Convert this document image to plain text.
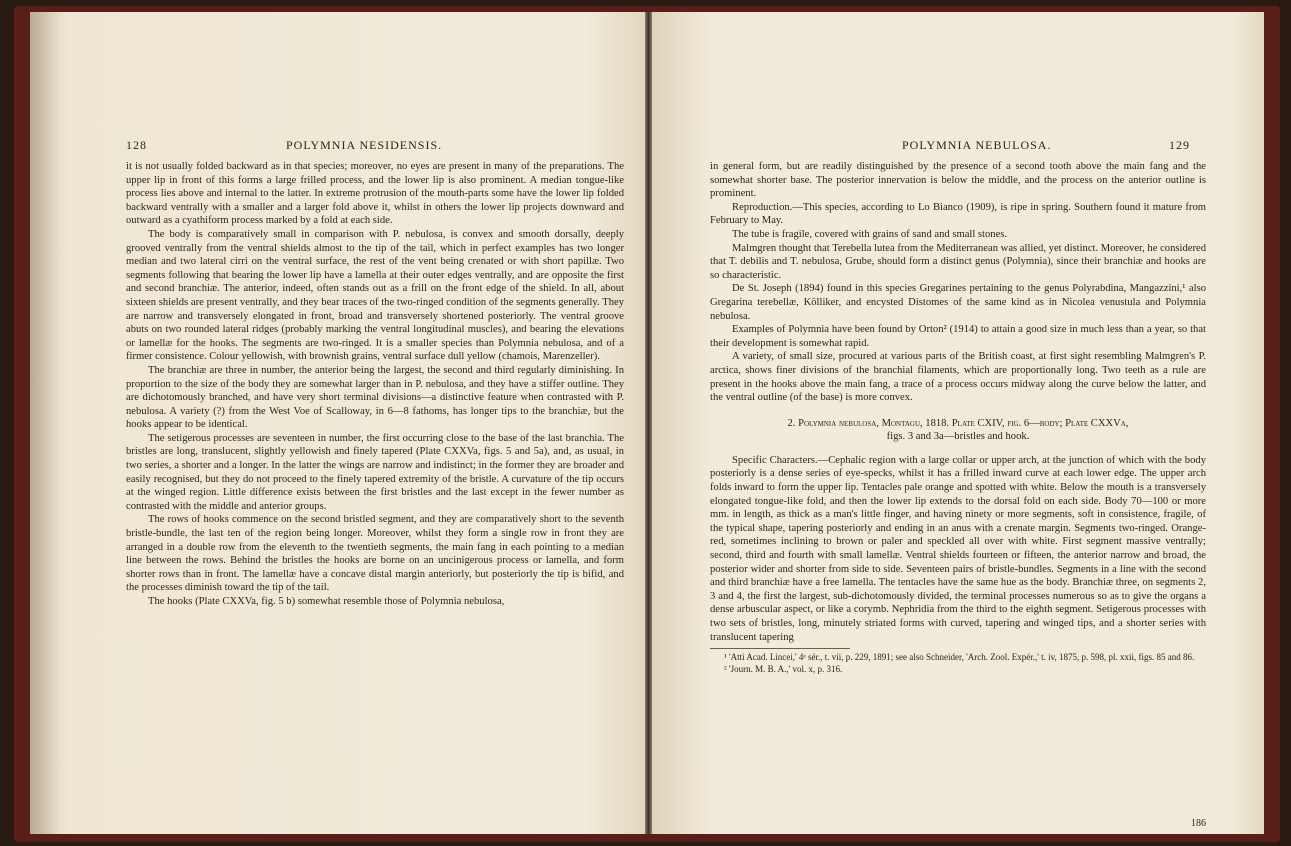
128	POLYMNIA NESIDENSIS.

it is not usually folded backward as in that species; moreover, no eyes are present in many of the preparations. The upper lip in front of this forms a large frilled process, and the lower lip is also prominent. A median tongue-like process lies above and internal to the latter. In extreme protrusion of the mouth-parts some have the lower lip folded backward ventrally with a smaller and a larger fold above it, whilst in others the lower lip projects downward and outward as a cyathiform process marked by a fold at each side.

The body is comparatively small in comparison with P. nebulosa, is convex and smooth dorsally, deeply grooved ventrally from the ventral shields almost to the tip of the tail, which in perfect examples has two longer median and two lateral cirri on the ventral surface, the rest of the vent being crenated or with short papillæ. Two segments following that bearing the lower lip have a lamella at their outer edges ventrally, and are opposite the first and second branchiæ. The anterior, indeed, often stands out as a frill on the front edge of the shield. In all, about sixteen shields are present ventrally, and they bear traces of the two-ringed condition of the segments generally. They are narrow and transversely elongated in front, broad and transversely shortened posteriorly. The ventral groove abuts on two rounded lateral ridges (probably marking the ventral longitudinal muscles), and bearing the elevations or lamellæ for the hooks. The segments are two-ringed. It is a smaller species than Polymnia nebulosa, and of a firmer consistence. Colour yellowish, with brownish grains, ventral surface dull yellow (chamois, Marenzeller).

The branchiæ are three in number, the anterior being the largest, the second and third regularly diminishing. In proportion to the size of the body they are somewhat larger than in P. nebulosa, and they have a stiffer outline. They are dichotomously branched, and have very short terminal divisions—a distinctive feature when contrasted with P. nebulosa. A variety (?) from the West Voe of Scalloway, in 6—8 fathoms, has longer tips to the branchiæ, but the hooks appear to be identical.

The setigerous processes are seventeen in number, the first occurring close to the base of the last branchia. The bristles are long, translucent, slightly yellowish and finely tapered (Plate CXXVa, figs. 5 and 5a), and, as usual, in two series, a shorter and a longer. In the latter the wings are narrow and indistinct; in the former they are broader and easily recognised, but they do not proceed to the finely tapered extremity of the bristle. A curvature of the tip occurs at the winged region. Little difference exists between the first bristles and the last except in the fewer number as contrasted with the middle and anterior groups.

The rows of hooks commence on the second bristled segment, and they are comparatively short to the seventh bristle-bundle, the last ten of the region being longer. Moreover, whilst they form a single row in front they are arranged in a double row from the eleventh to the twentieth segments, the main fang in each pointing to a median line between the rows. Behind the bristles the hooks are borne on an uncinigerous process or lamella, and form shorter rows than in front. The lamellæ have a concave distal margin anteriorly, but posteriorly the tip is bifid, and the processes diminish toward the tip of the tail.

The hooks (Plate CXXVa, fig. 5 b) somewhat resemble those of Polymnia nebulosa,

POLYMNIA NEBULOSA.	129

in general form, but are readily distinguished by the presence of a second tooth above the main fang and the somewhat shorter base. The posterior innervation is below the middle, and the process on the anterior outline is prominent.

Reproduction.—This species, according to Lo Bianco (1909), is ripe in spring. Southern found it mature from February to May.

The tube is fragile, covered with grains of sand and small stones.

Malmgren thought that Terebella lutea from the Mediterranean was allied, yet distinct. Moreover, he considered that T. debilis and T. nebulosa, Grube, should form a distinct genus (Polymnia), since their branchiæ and hooks are so characteristic.

De St. Joseph (1894) found in this species Gregarines pertaining to the genus Polyrabdina, Mangazzini,¹ also Gregarina terebellæ, Kölliker, and encysted Distomes of the same kind as in Nicolea venustula and Polymnia nebulosa.

Examples of Polymnia have been found by Orton² (1914) to attain a good size in much less than a year, so that their development is somewhat rapid.

A variety, of small size, procured at various parts of the British coast, at first sight resembling Malmgren's P. arctica, shows finer divisions of the branchial filaments, which are proportionally long. Two teeth as a rule are present in the hooks above the main fang, a trace of a process occurs midway along the curve below the latter, and the ventral outline (of the base) is more convex.

2. Polymnia nebulosa, Montagu, 1818. Plate CXIV, fig. 6—body; Plate CXXVa,
figs. 3 and 3a—bristles and hook.

Specific Characters.—Cephalic region with a large collar or upper arch, at the junction of which with the body posteriorly is a dense series of eye-specks, whilst it has a frilled inward curve at each lower edge. The upper arch folds inward to form the upper lip. Tentacles pale orange and spotted with white. Below the mouth is a transversely elongated tongue-like fold, and then the lower lip extends to the dorsal fold on each side. Body 70—100 or more mm. in length, as thick as a man's little finger, and having ninety or more segments, soft in consistence, fragile, of the typical shape, tapering posteriorly and ending in an anus with a crenate margin. Segments two-ringed. Orange-red, sometimes inclining to brown or paler and speckled all over with white. First segment massive ventrally; second, third and fourth with small lamellæ. Ventral shields fourteen or fifteen, the anterior narrow and broad, the posterior wider and shorter from side to side. Seventeen pairs of bristle-bundles. Segments in a line with the second and third branchiæ have a free lamella. The tentacles have the same hue as the body. Branchiæ three, on segments 2, 3 and 4, the first the largest, sub-dichotomously divided, the terminal processes numerous so as to give the organs a dense arbuscular aspect, or like a corymb. Nephridia from the third to the eighth segment. Setigerous processes with two sets of bristles, long, minutely striated forms with curved, tapering and winged tips, and a shorter series with translucent tapering

¹ 'Atti Acad. Lincei,' 4ᵉ sér., t. vii, p. 229, 1891; see also Schneider, 'Arch. Zool. Expér.,' t. iv, 1875, p. 598, pl. xxii, figs. 85 and 86.

² 'Journ. M. B. A.,' vol. x, p. 316.

186
